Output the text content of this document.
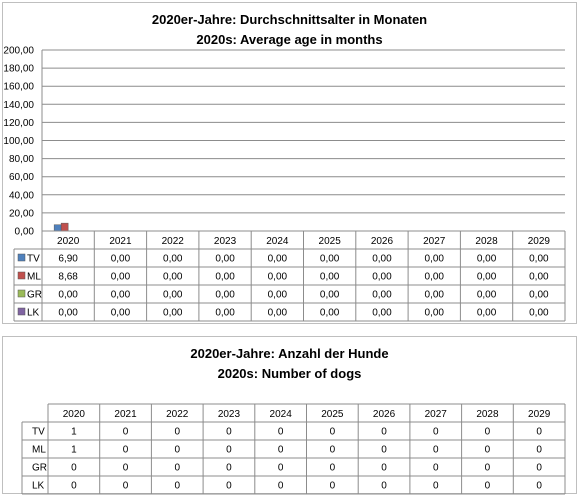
2020er-Jahre: Durchschnittsalter in Monaten
2020s: Average age in months
2020er-Jahre: Anzahl der Hunde
2020s: Number of dogs
0,00
20,00
40,00
60,00
80,00
100,00
120,00
140,00
160,00
180,00
200,00
2020	2021	2022	2023	2024	2025	2026	2027	2028	2029
TV 6,90	0,00	0,00	0,00	0,00	0,00	0,00	0,00	0,00	0,00
ML 8,68	0,00	0,00	0,00	0,00	0,00	0,00	0,00	0,00	0,00
GR 0,00	0,00	0,00	0,00	0,00	0,00	0,00	0,00	0,00	0,00
LK 0,00	0,00	0,00	0,00	0,00	0,00	0,00	0,00	0,00	0,00
2020	2021	2022	2023	2024	2025	2026	2027	2028	2029
TV	1	0	0	0	0	0	0	0	0	0
ML	1	0	0	0	0	0	0	0	0	0
GR 0	0	0	0	0	0	0	0	0	0
LK	0	0	0	0	0	0	0	0	0	0
